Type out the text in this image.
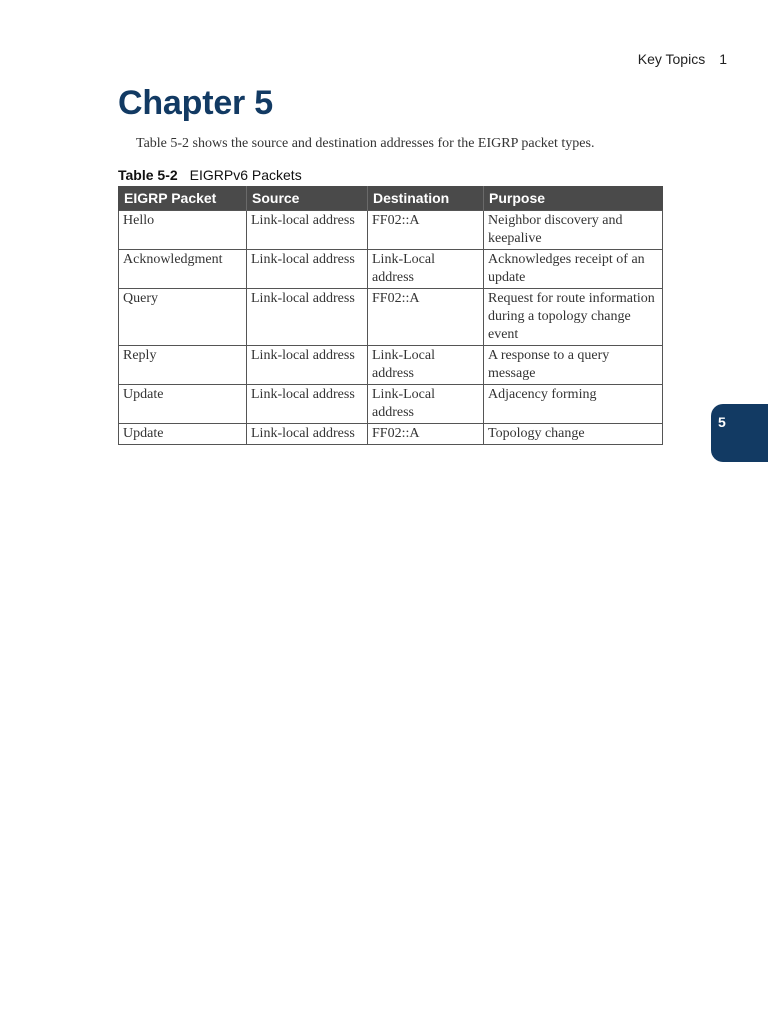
Key Topics 1
Chapter 5

Table 5-2 shows the source and destination addresses for the EIGRP packet types.

Table 5-2 EIGRPv6 Packets
EIGRP Packet	Source	Destination	Purpose
Hello	Link-local address	FF02::A	Neighbor discovery and keepalive
Acknowledgment	Link-local address	Link-Local address	Acknowledges receipt of an update
Query	Link-local address	FF02::A	Request for route information during a topology change event
Reply	Link-local address	Link-Local address	A response to a query message
Update	Link-local address	Link-Local address	Adjacency forming
Update	Link-local address	FF02::A	Topology change
5
